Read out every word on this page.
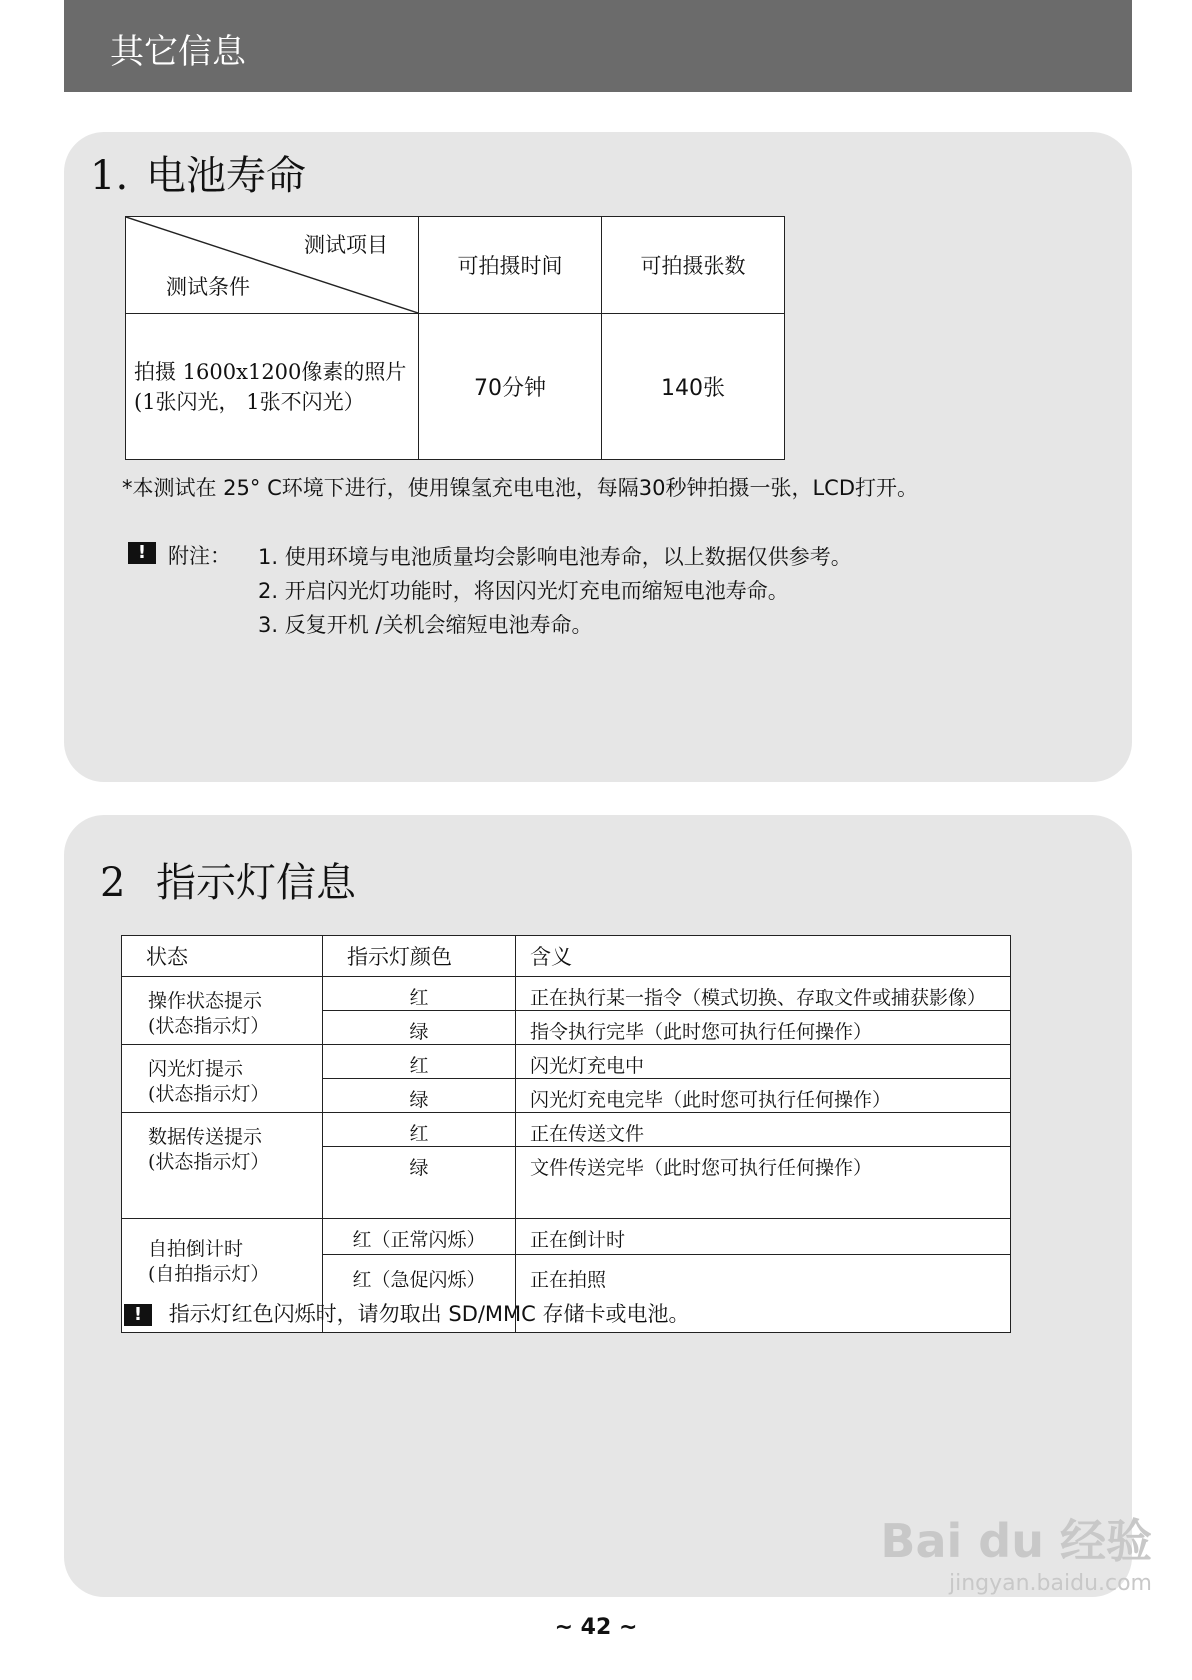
其它信息
1. 电池寿命
测试项目
测试条件	可拍摄时间	可拍摄张数

拍摄 1600x1200像素的照片
(1张闪光， 1张不闪光）	70分钟	140张
*本测试在 25° C环境下进行，使用镍氢充电电池，每隔30秒钟拍摄一张，LCD打开。
! 附注： 1. 使用环境与电池质量均会影响电池寿命，以上数据仅供参考。
2. 开启闪光灯功能时，将因闪光灯充电而缩短电池寿命。
3. 反复开机 /关机会缩短电池寿命。
2 指示灯信息
状态	指示灯颜色	含义

操作状态提示
(状态指示灯）	红	正在执行某一指令（模式切换、存取文件或捕获影像）
	绿	指令执行完毕（此时您可执行任何操作）

闪光灯提示
(状态指示灯）	红	闪光灯充电中
	绿	闪光灯充电完毕（此时您可执行任何操作）

数据传送提示
(状态指示灯）	红	正在传送文件
	绿	文件传送完毕（此时您可执行任何操作）

自拍倒计时
(自拍指示灯）	红（正常闪烁）	正在倒计时
	红（急促闪烁）	正在拍照
! 指示灯红色闪烁时，请勿取出 SD/MMC 存储卡或电池。
Bai du 经验
jingyan.baidu.com
~ 42 ~
